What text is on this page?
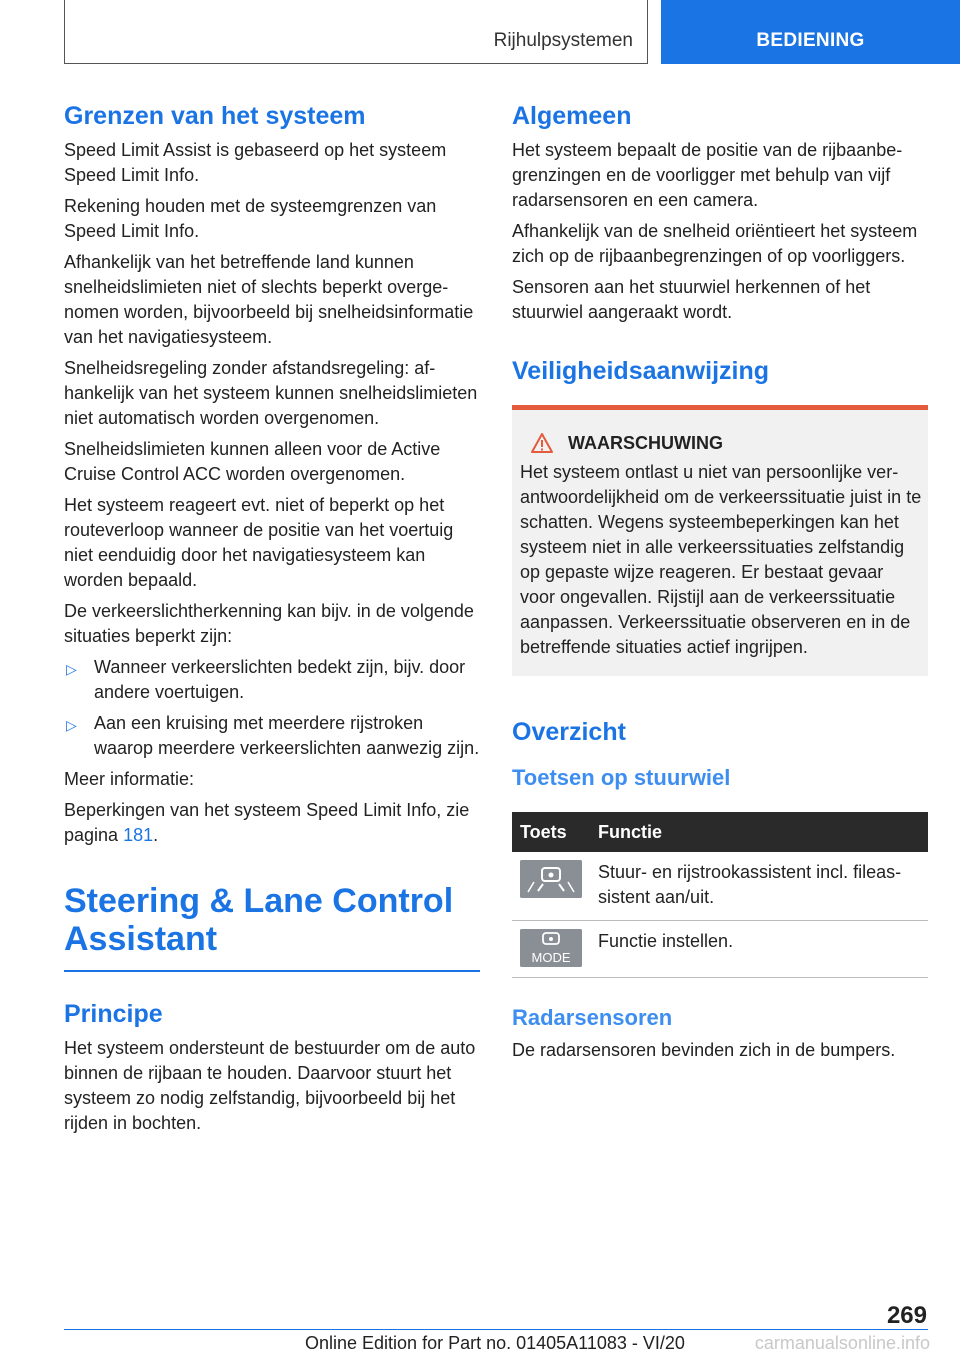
Rijhulpsystemen	BEDIENING
Grenzen van het systeem

Speed Limit Assist is gebaseerd op het systeem Speed Limit Info.

Rekening houden met de systeemgrenzen van Speed Limit Info.

Afhankelijk van het betreffende land kunnen snelheidslimieten niet of slechts beperkt overgenomen worden, bijvoorbeeld bij snelheidsinformatie van het navigatiesysteem.

Snelheidsregeling zonder afstandsregeling: afhankelijk van het systeem kunnen snelheidslimieten niet automatisch worden overgenomen.

Snelheidslimieten kunnen alleen voor de Active Cruise Control ACC worden overgenomen.

Het systeem reageert evt. niet of beperkt op het routeverloop wanneer de positie van het voertuig niet eenduidig door het navigatiesysteem kan worden bepaald.

De verkeerslichtherkenning kan bijv. in de volgende situaties beperkt zijn:

▷ Wanneer verkeerslichten bedekt zijn, bijv. door andere voertuigen.
▷ Aan een kruising met meerdere rijstroken waarop meerdere verkeerslichten aanwezig zijn.

Meer informatie:

Beperkingen van het systeem Speed Limit Info, zie pagina 181.

Steering & Lane Control Assistant
Principe

Het systeem ondersteunt de bestuurder om de auto binnen de rijbaan te houden. Daarvoor stuurt het systeem zo nodig zelfstandig, bijvoorbeeld bij het rijden in bochten.

Algemeen

Het systeem bepaalt de positie van de rijbaanbegrenzingen en de voorligger met behulp van vijf radarsensoren en een camera.

Afhankelijk van de snelheid oriëntieert het systeem zich op de rijbaanbegrenzingen of op voorliggers.

Sensoren aan het stuurwiel herkennen of het stuurwiel aangeraakt wordt.

Veiligheidsaanwijzing
WAARSCHUWING

Het systeem ontlast u niet van persoonlijke verantwoordelijkheid om de verkeerssituatie juist in te schatten. Wegens systeembeperkingen kan het systeem niet in alle verkeerssituaties zelfstandig op gepaste wijze reageren. Er bestaat gevaar voor ongevallen. Rijstijl aan de verkeerssituatie aanpassen. Verkeerssituatie observeren en in de betreffende situaties actief ingrijpen.

Overzicht
Toetsen op stuurwiel
Toets	Functie

	Stuur- en rijstrookassistent incl. fileassistent aan/uit.

MODE	Functie instellen.
Radarsensoren

De radarsensoren bevinden zich in de bumpers.

269
Online Edition for Part no. 01405A11083 - VI/20	carmanualsonline.info
